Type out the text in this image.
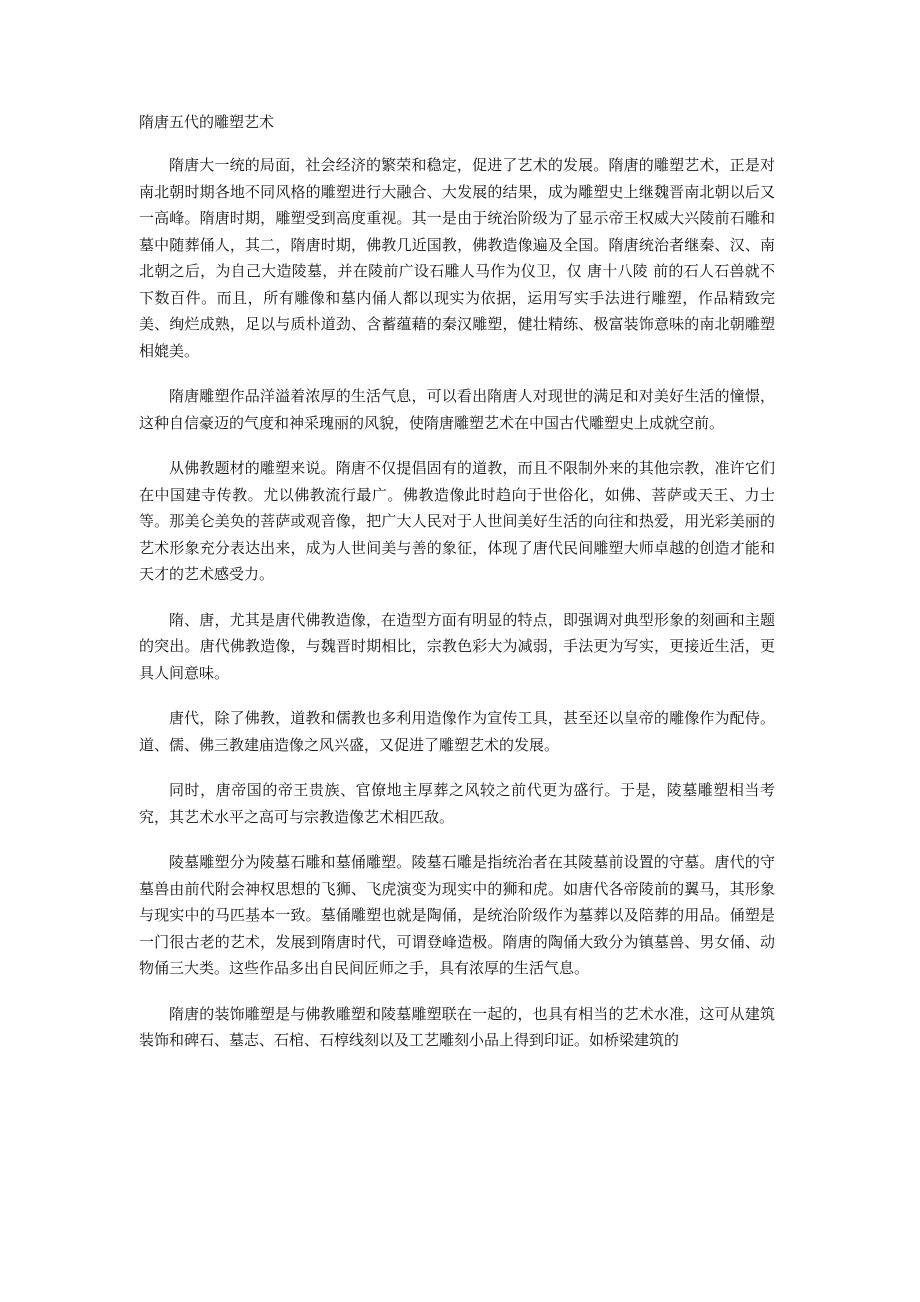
隋唐五代的雕塑艺术

隋唐大一统的局面，社会经济的繁荣和稳定，促进了艺术的发展。隋唐的雕塑艺术，正是对南北朝时期各地不同风格的雕塑进行大融合、大发展的结果，成为雕塑史上继魏晋南北朝以后又一高峰。隋唐时期，雕塑受到高度重视。其一是由于统治阶级为了显示帝王权威大兴陵前石雕和墓中随葬俑人，其二，隋唐时期，佛教几近国教，佛教造像遍及全国。隋唐统治者继秦、汉、南北朝之后，为自己大造陵墓，并在陵前广设石雕人马作为仪卫，仅 唐十八陵 前的石人石兽就不下数百件。而且，所有雕像和墓内俑人都以现实为依据，运用写实手法进行雕塑，作品精致完美、绚烂成熟，足以与质朴道劲、含蓄蕴藉的秦汉雕塑，健壮精练、极富装饰意味的南北朝雕塑相媲美。

隋唐雕塑作品洋溢着浓厚的生活气息，可以看出隋唐人对现世的满足和对美好生活的憧憬，这种自信豪迈的气度和神采瑰丽的风貌，使隋唐雕塑艺术在中国古代雕塑史上成就空前。

从佛教题材的雕塑来说。隋唐不仅提倡固有的道教，而且不限制外来的其他宗教，准许它们在中国建寺传教。尤以佛教流行最广。佛教造像此时趋向于世俗化，如佛、菩萨或天王、力士等。那美仑美奂的菩萨或观音像，把广大人民对于人世间美好生活的向往和热爱，用光彩美丽的艺术形象充分表达出来，成为人世间美与善的象征，体现了唐代民间雕塑大师卓越的创造才能和天才的艺术感受力。

隋、唐，尤其是唐代佛教造像，在造型方面有明显的特点，即强调对典型形象的刻画和主题的突出。唐代佛教造像，与魏晋时期相比，宗教色彩大为减弱，手法更为写实，更接近生活，更具人间意味。

唐代，除了佛教，道教和儒教也多利用造像作为宣传工具，甚至还以皇帝的雕像作为配侍。道、儒、佛三教建庙造像之风兴盛，又促进了雕塑艺术的发展。

同时，唐帝国的帝王贵族、官僚地主厚葬之风较之前代更为盛行。于是，陵墓雕塑相当考究，其艺术水平之高可与宗教造像艺术相匹敌。

陵墓雕塑分为陵墓石雕和墓俑雕塑。陵墓石雕是指统治者在其陵墓前设置的守墓。唐代的守墓兽由前代附会神权思想的飞狮、飞虎演变为现实中的狮和虎。如唐代各帝陵前的翼马，其形象与现实中的马匹基本一致。墓俑雕塑也就是陶俑，是统治阶级作为墓葬以及陪葬的用品。俑塑是一门很古老的艺术，发展到隋唐时代，可谓登峰造极。隋唐的陶俑大致分为镇墓兽、男女俑、动物俑三大类。这些作品多出自民间匠师之手，具有浓厚的生活气息。

隋唐的装饰雕塑是与佛教雕塑和陵墓雕塑联在一起的，也具有相当的艺术水准，这可从建筑装饰和碑石、墓志、石棺、石椁线刻以及工艺雕刻小品上得到印证。如桥梁建筑的
